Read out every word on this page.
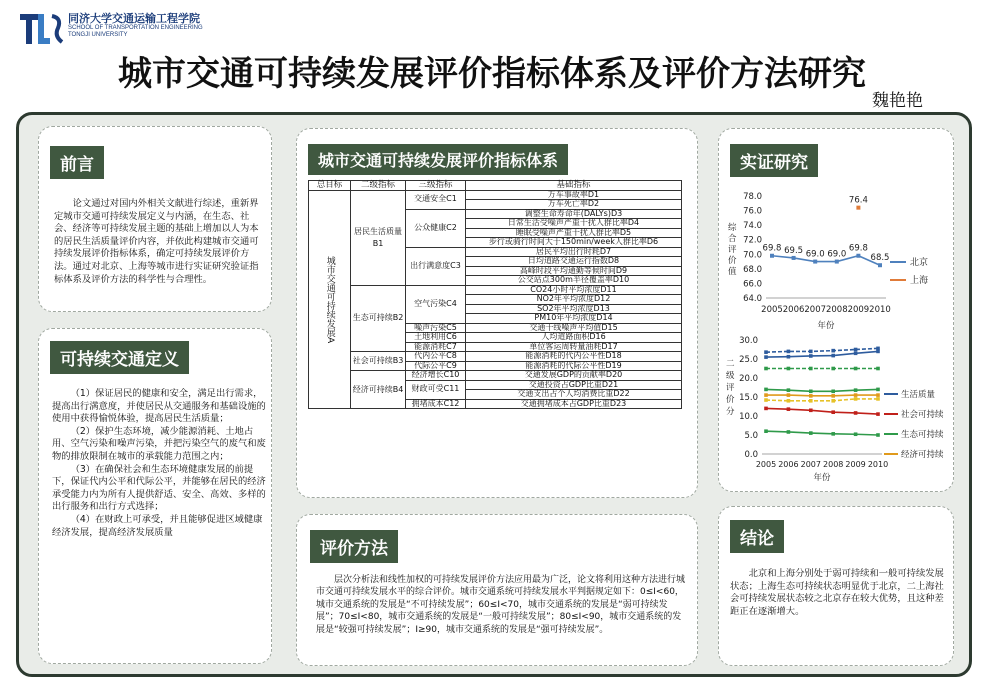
同济大学交通运输工程学院
SCHOOL OF TRANSPORTATION ENGINEERING
TONGJI UNIVERSITY
城市交通可持续发展评价指标体系及评价方法研究
魏艳艳
前言
论文通过对国内外相关文献进行综述，重新界定城市交通可持续发展定义与内涵，在生态、社会、经济等可持续发展主题的基础上增加以人为本的居民生活质量评价内容，并依此构建城市交通可持续发展评价指标体系，确定可持续发展评价方法。通过对北京、上海等城市进行实证研究验证指标体系及评价方法的科学性与合理性。
可持续交通定义
（1）保证居民的健康和安全，满足出行需求，提高出行满意度，并使居民从交通服务和基础设施的使用中获得愉悦体验，提高居民生活质量；
（2）保护生态环境，减少能源消耗、土地占用、空气污染和噪声污染，并把污染空气的废气和废物的排放限制在城市的承载能力范围之内；
（3）在确保社会和生态环境健康发展的前提下，保证代内公平和代际公平，并能够在居民的经济承受能力内为所有人提供舒适、安全、高效、多样的出行服务和出行方式选择；
（4）在财政上可承受，并且能够促进区域健康经济发展，提高经济发展质量
城市交通可持续发展评价指标体系
总目标	二级指标	三级指标	基础指标
城市交通可持续发展A	居民生活质量B1	交通安全C1	万车事故率D1
			万车死亡率D2
		公众健康C2	调整生命寿命年(DALYs)D3
			日常生活受噪声严重干扰人群比率D4
			睡眠受噪声严重干扰人群比率D5
			步行或骑行时间大于150min/week人群比率D6
		出行满意度C3	居民平均出行时耗D7
			日均道路交通运行指数D8
			高峰时段平均通勤等候时间D9
			公交站点300m半径覆盖率D10
	生态可持续B2	空气污染C4	CO24小时平均浓度D11
			NO2年平均浓度D12
			SO2年平均浓度D13
			PM10年平均浓度D14
		噪声污染C5	交通干线噪声平均值D15
		土地利用C6	人均道路面积D16
		能源消耗C7	单位客运周转量油耗D17
	社会可持续B3	代内公平C8	能源消耗的代内公平性D18
		代际公平C9	能源消耗的代际公平性D19
	经济可持续B4	经济增长C10	交通发展GDP的贡献率D20
		财政可受C11	交通投资占GDP比重D21
			交通支出占个人均消费比重D22
		拥堵成本C12	交通拥堵成本占GDP比重D23
评价方法
层次分析法和线性加权的可持续发展评价方法应用最为广泛，论文将利用这种方法进行城市交通可持续发展水平的综合评价。城市交通系统可持续发展水平判据规定如下：0≤I<60，城市交通系统的发展是“不可持续发展”；60≤I<70，城市交通系统的发展是“弱可持续发展”；70≤I<80，城市交通系统的发展是“一般可持续发展”；80≤I<90，城市交通系统的发展是“较强可持续发展”；I≥90，城市交通系统的发展是“强可持续发展”。
实证研究
78.0
76.0
74.0
72.0
70.0
68.0
66.0
64.0
2005 2006 2007 2008 2009 2010
年份
综
合
评
价
值
69.8 69.5 69.0 69.0
69.8
68.5 北京
76.4
上海
30.0
25.0
20.0
15.0
10.0
5.0
0.0
2005 2006 2007 2008 2009 2010
年份
二
级
评
价
分
生活质量
社会可持续
生态可持续
经济可持续
结论
北京和上海分别处于弱可持续和一般可持续发展状态；上海生态可持续状态明显优于北京，二上海社会可持续发展状态较之北京存在较大优势，且这种差距正在逐渐增大。
